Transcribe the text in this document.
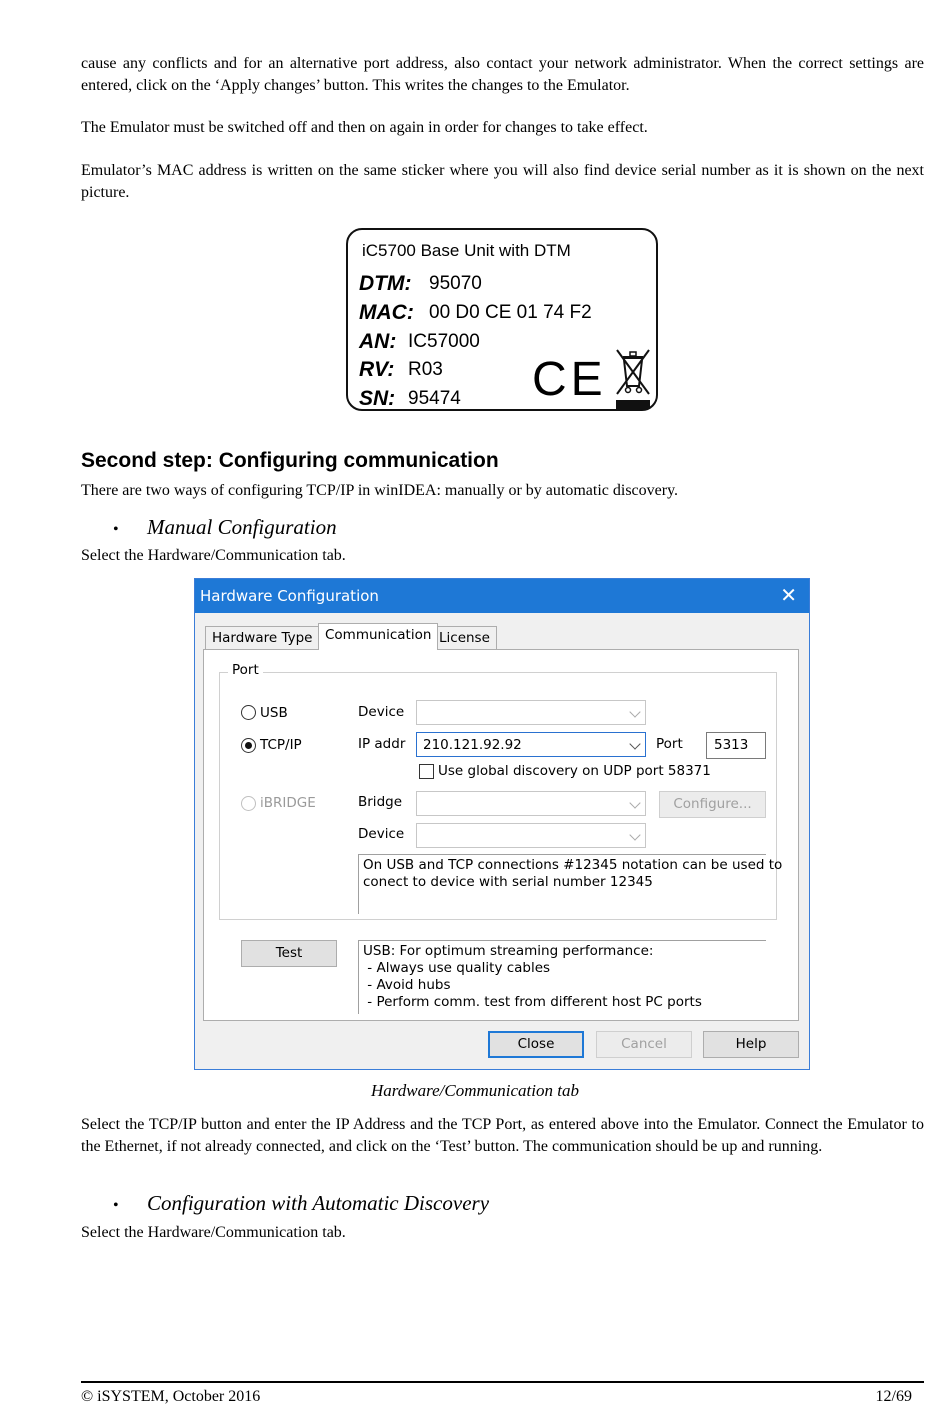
cause any conflicts and for an alternative port address, also contact your network administrator. When the correct settings are entered, click on the ‘Apply changes’ button. This writes the changes to the Emulator.

The Emulator must be switched off and then on again in order for changes to take effect.

Emulator’s MAC address is written on the same sticker where you will also find device serial number as it is shown on the next picture.

iC5700 Base Unit with DTM
DTM: 95070
MAC: 00 D0 CE 01 74 F2
AN: IC57000
RV: R03
SN: 95474 CE
Second step: Configuring communication

There are two ways of configuring TCP/IP in winIDEA: manually or by automatic discovery.

• Manual Configuration

Select the Hardware/Communication tab.

Hardware Configuration	✕
Hardware Type Communication License
Port
USB	Device
TCP/IP	IP addr 210.121.92.92	Port 5313
Use global discovery on UDP port 58371
iBRIDGE	Bridge	Configure...
Device
On USB and TCP connections #12345 notation can be used to
conect to device with serial number 12345
Test	USB: For optimum streaming performance:
- Always use quality cables
- Avoid hubs
- Perform comm. test from different host PC ports
Close	Cancel	Help
Hardware/Communication tab

Select the TCP/IP button and enter the IP Address and the TCP Port, as entered above into the Emulator. Connect the Emulator to the Ethernet, if not already connected, and click on the ‘Test’ button. The communication should be up and running.

• Configuration with Automatic Discovery

Select the Hardware/Communication tab.

© iSYSTEM, October 2016	12/69
